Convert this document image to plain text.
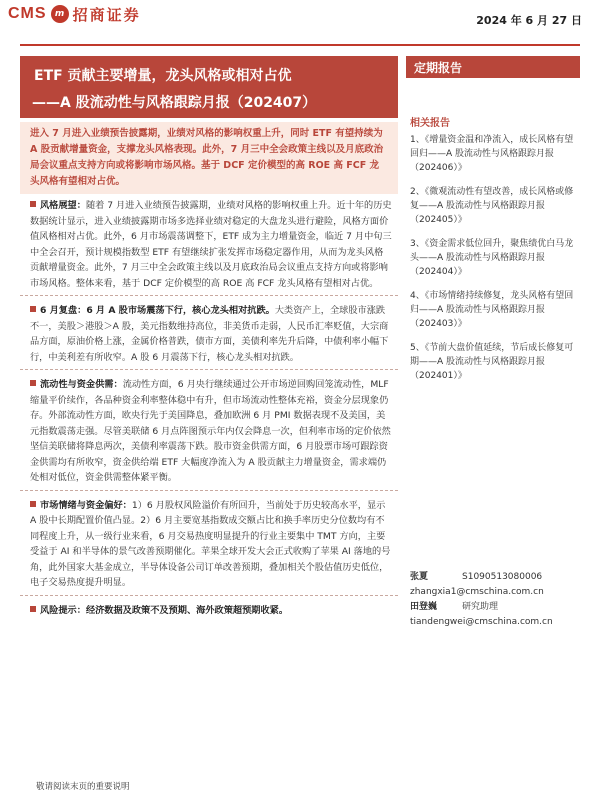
CMS m 招商证券	2024 年 6 月 27 日
ETF 贡献主要增量，龙头风格或相对占优
——A 股流动性与风格跟踪月报（202407）
定期报告
进入 7 月进入业绩预告披露期，业绩对风格的影响权重上升，同时 ETF 有望持续为 A 股贡献增量资金，支撑龙头风格表现。此外，7 月三中全会政策主线以及月底政治局会议重点支持方向或将影响市场风格。基于 DCF 定价模型的高 ROE 高 FCF 龙头风格有望相对占优。
风格展望：随着 7 月进入业绩预告披露期，业绩对风格的影响权重上升。近十年的历史数据统计显示，进入业绩披露期市场多选择业绩对稳定的大盘龙头进行避险，风格方面价值风格相对占优。此外，6 月市场震荡调整下，ETF 成为主力增量资金，临近 7 月中旬三中全会召开，预计规模指数型 ETF 有望继续扩张发挥市场稳定器作用，从而为龙头风格贡献增量资金。此外，7 月三中全会政策主线以及月底政治局会议重点支持方向或将影响市场风格。整体来看，基于 DCF 定价模型的高 ROE 高 FCF 龙头风格有望相对占优。
6 月复盘：6 月 A 股市场震荡下行，核心龙头相对抗跌。大类资产上，全球股市涨跌不一，美股＞港股＞A 股，美元指数维持高位，非美货币走弱，人民币汇率贬值，大宗商品方面，原油价格上涨，金属价格普跌，债市方面，美债利率先升后降，中债利率小幅下行，中美利差有所收窄。A 股 6 月震荡下行，核心龙头相对抗跌。
流动性与资金供需：流动性方面，6 月央行继续通过公开市场逆回购回笼流动性，MLF 缩量平价续作，各品种资金利率整体稳中有升，但市场流动性整体充裕，资金分层现象仍存。外部流动性方面，欧央行先于美国降息，叠加欧洲 6 月 PMI 数据表现不及美国，美元指数震荡走强。尽管美联储 6 月点阵图预示年内仅会降息一次，但利率市场的定价依然坚信美联储将降息两次，美债利率震荡下跌。股市资金供需方面，6 月股票市场可跟踪资金供需均有所收窄，资金供给端 ETF 大幅度净流入为 A 股贡献主力增量资金，需求端仍处相对低位，资金供需整体紧平衡。
市场情绪与资金偏好：1）6 月股权风险溢价有所回升，当前处于历史较高水平，显示 A 股中长期配置价值凸显。2）6 月主要宽基指数成交额占比和换手率历史分位数均有不同程度上升，从一级行业来看，6 月交易热度明显提升的行业主要集中 TMT 方向，主要受益于 AI 和半导体的景气改善预期催化。苹果全球开发大会正式收购了苹果 AI 落地的号角，此外国家大基金成立，半导体设备公司订单改善预期，叠加相关个股估值历史低位，电子交易热度提升明显。
风险提示：经济数据及政策不及预期、海外政策超预期收紧。
相关报告
1、《增量资金温和净流入，成长风格有望回归——A 股流动性与风格跟踪月报（202406）》
2、《微观流动性有望改善，成长风格或修复——A 股流动性与风格跟踪月报（202405）》
3、《资金需求低位回升，聚焦绩优白马龙头——A 股流动性与风格跟踪月报（202404）》
4、《市场情绪持续修复，龙头风格有望回归——A 股流动性与风格跟踪月报（202403）》
5、《节前大盘价值延续，节后成长修复可期——A 股流动性与风格跟踪月报（202401）》
张夏	S1090513080006
zhangxia1@cmschina.com.cn
田登巍	研究助理
tiandengwei@cmschina.com.cn
敬请阅读末页的重要说明
